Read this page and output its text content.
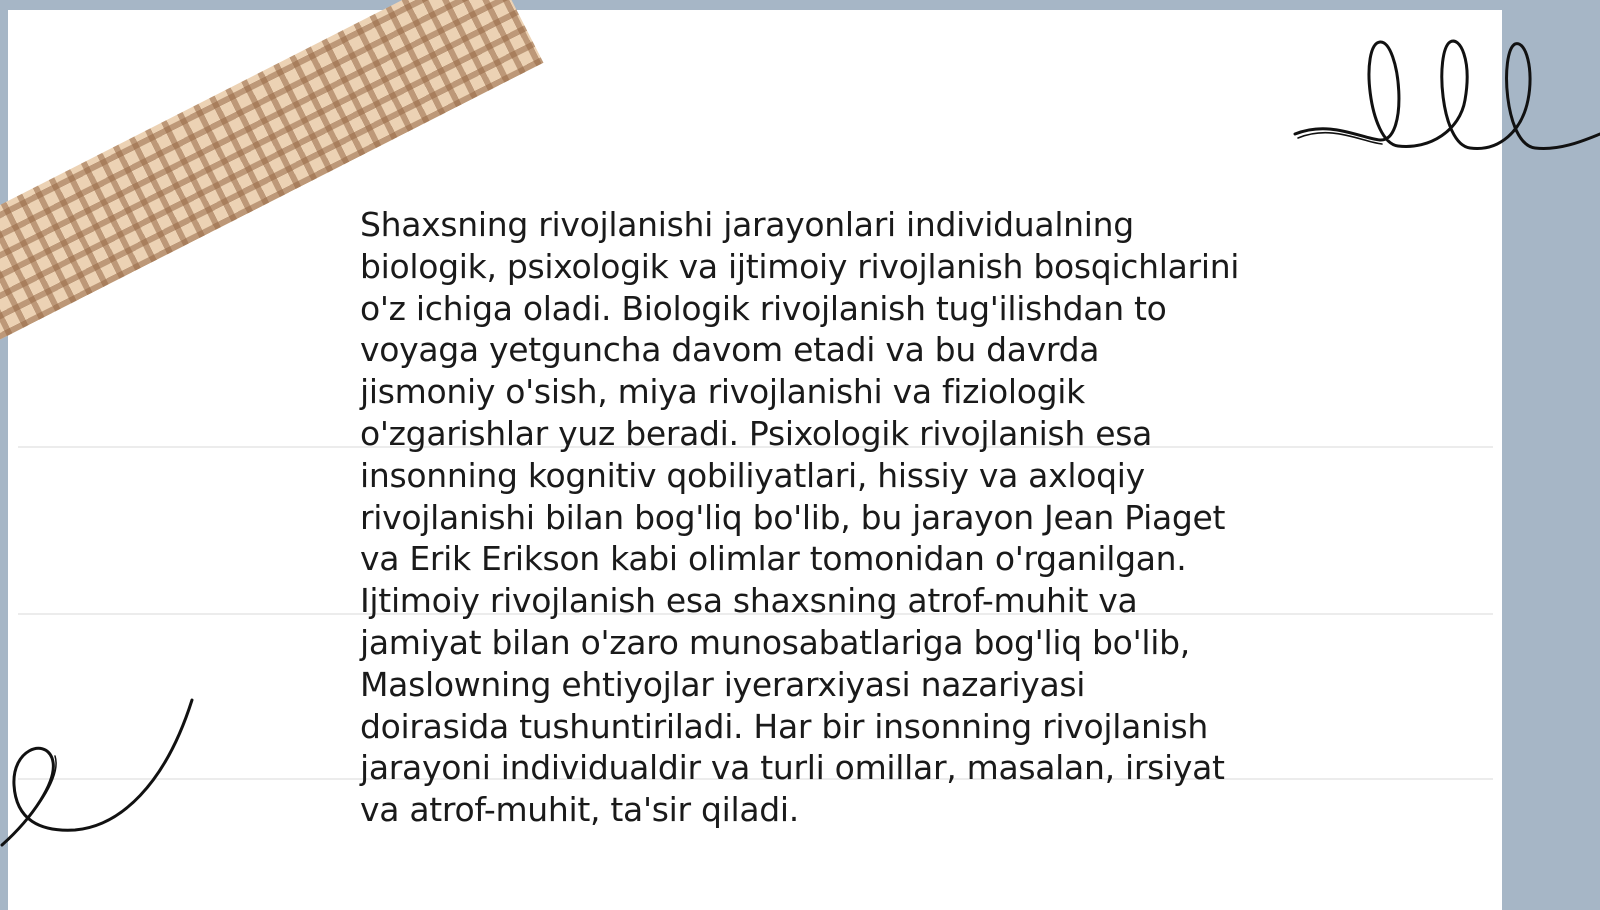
Shaxsning rivojlanishi jarayonlari individualning biologik, psixologik va ijtimoiy rivojlanish bosqichlarini o'z ichiga oladi. Biologik rivojlanish tug'ilishdan to voyaga yetguncha davom etadi va bu davrda jismoniy o'sish, miya rivojlanishi va fiziologik o'zgarishlar yuz beradi. Psixologik rivojlanish esa insonning kognitiv qobiliyatlari, hissiy va axloqiy rivojlanishi bilan bog'liq bo'lib, bu jarayon Jean Piaget va Erik Erikson kabi olimlar tomonidan o'rganilgan. Ijtimoiy rivojlanish esa shaxsning atrof-muhit va jamiyat bilan o'zaro munosabatlariga bog'liq bo'lib, Maslowning ehtiyojlar iyerarxiyasi nazariyasi doirasida tushuntiriladi. Har bir insonning rivojlanish jarayoni individualdir va turli omillar, masalan, irsiyat va atrof-muhit, ta'sir qiladi.
